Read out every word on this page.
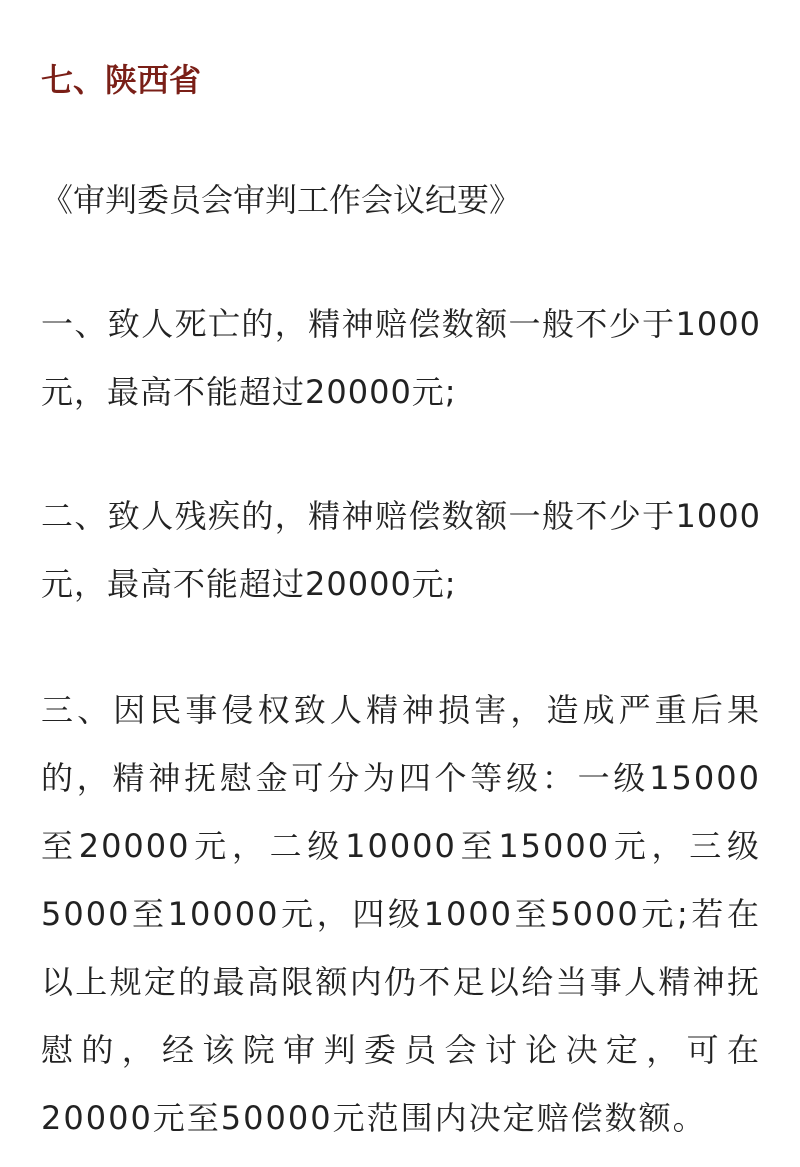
七、陕西省
《审判委员会审判工作会议纪要》
一、致人死亡的，精神赔偿数额一般不少于1000元，最高不能超过20000元;
二、致人残疾的，精神赔偿数额一般不少于1000元，最高不能超过20000元;
三、因民事侵权致人精神损害，造成严重后果的，精神抚慰金可分为四个等级：一级15000至20000元，二级10000至15000元，三级5000至10000元，四级1000至5000元;若在以上规定的最高限额内仍不足以给当事人精神抚慰的，经该院审判委员会讨论决定，可在20000元至50000元范围内决定赔偿数额。
